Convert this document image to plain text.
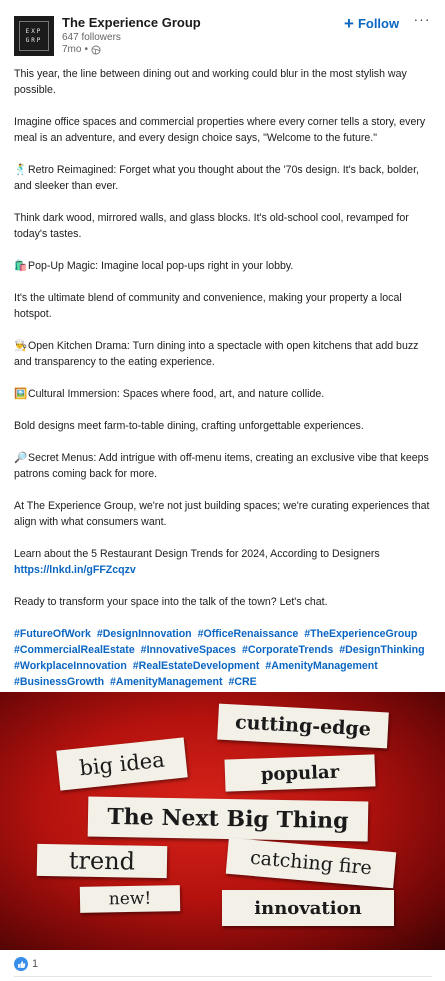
EXP
GRP
The Experience Group
647 followers
7mo •
+ Follow ···

This year, the line between dining out and working could blur in the most stylish way possible.

Imagine office spaces and commercial properties where every corner tells a story, every meal is an adventure, and every design choice says, "Welcome to the future."

🕺Retro Reimagined: Forget what you thought about the '70s design. It's back, bolder, and sleeker than ever.

Think dark wood, mirrored walls, and glass blocks. It's old-school cool, revamped for today's tastes.

🛍️Pop-Up Magic: Imagine local pop-ups right in your lobby.

It's the ultimate blend of community and convenience, making your property a local hotspot.

👨‍🍳Open Kitchen Drama: Turn dining into a spectacle with open kitchens that add buzz and transparency to the eating experience.

🖼️Cultural Immersion: Spaces where food, art, and nature collide.

Bold designs meet farm-to-table dining, crafting unforgettable experiences.

🔎Secret Menus: Add intrigue with off-menu items, creating an exclusive vibe that keeps patrons coming back for more.

At The Experience Group, we're not just building spaces; we're curating experiences that align with what consumers want.

Learn about the 5 Restaurant Design Trends for 2024, According to Designers https://lnkd.in/gFFZcqzv

Ready to transform your space into the talk of the town? Let's chat.

#FutureOfWork #DesignInnovation #OfficeRenaissance #TheExperienceGroup #CommercialRealEstate #InnovativeSpaces #CorporateTrends #DesignThinking #WorkplaceInnovation #RealEstateDevelopment #AmenityManagement #BusinessGrowth #AmenityManagement #CRE
cutting-edge
big idea	popular
The Next Big Thing
trend	catching fire
new!	innovation
1
